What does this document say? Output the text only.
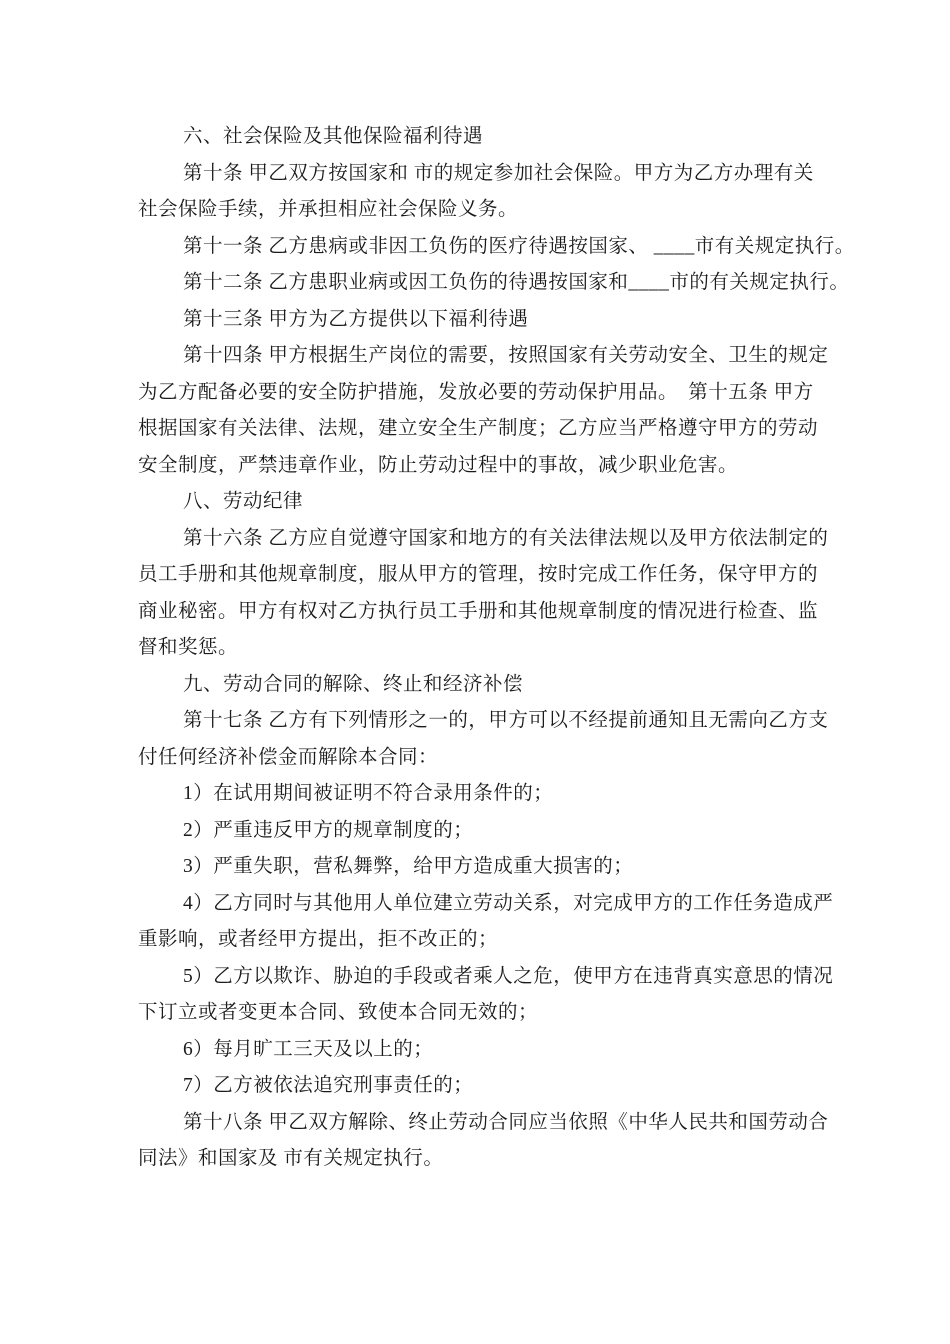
六、社会保险及其他保险福利待遇
第十条 甲乙双方按国家和 市的规定参加社会保险。甲方为乙方办理有关
社会保险手续，并承担相应社会保险义务。
第十一条 乙方患病或非因工负伤的医疗待遇按国家、 ____市有关规定执行。
第十二条 乙方患职业病或因工负伤的待遇按国家和____市的有关规定执行。
第十三条 甲方为乙方提供以下福利待遇
第十四条 甲方根据生产岗位的需要，按照国家有关劳动安全、卫生的规定
为乙方配备必要的安全防护措施，发放必要的劳动保护用品。　第十五条 甲方
根据国家有关法律、法规，建立安全生产制度；乙方应当严格遵守甲方的劳动
安全制度，严禁违章作业，防止劳动过程中的事故，减少职业危害。
八、劳动纪律
第十六条 乙方应自觉遵守国家和地方的有关法律法规以及甲方依法制定的
员工手册和其他规章制度，服从甲方的管理，按时完成工作任务，保守甲方的
商业秘密。甲方有权对乙方执行员工手册和其他规章制度的情况进行检查、监
督和奖惩。
九、劳动合同的解除、终止和经济补偿
第十七条 乙方有下列情形之一的，甲方可以不经提前通知且无需向乙方支
付任何经济补偿金而解除本合同：
1）在试用期间被证明不符合录用条件的；
2）严重违反甲方的规章制度的；
3）严重失职，营私舞弊，给甲方造成重大损害的；
4）乙方同时与其他用人单位建立劳动关系，对完成甲方的工作任务造成严
重影响，或者经甲方提出，拒不改正的；
5）乙方以欺诈、胁迫的手段或者乘人之危，使甲方在违背真实意思的情况
下订立或者变更本合同、致使本合同无效的；
6）每月旷工三天及以上的；
7）乙方被依法追究刑事责任的；
第十八条 甲乙双方解除、终止劳动合同应当依照《中华人民共和国劳动合
同法》和国家及 市有关规定执行。
